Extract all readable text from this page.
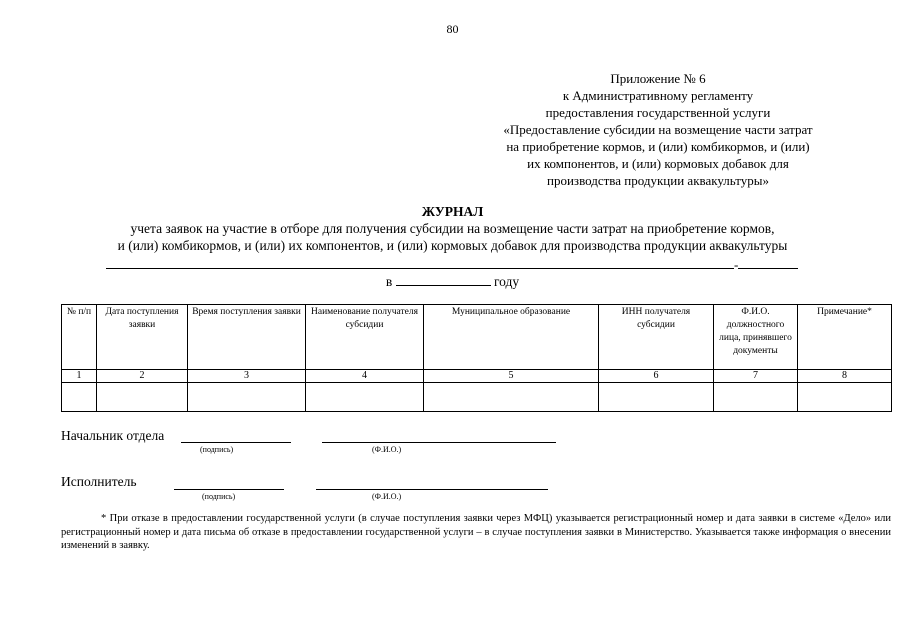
80
Приложение № 6
к Административному регламенту
предоставления государственной услуги
«Предоставление субсидии на возмещение части затрат
на приобретение кормов, и (или) комбикормов, и (или)
их компонентов, и (или) кормовых добавок для
производства продукции аквакультуры»
ЖУРНАЛ
учета заявок на участие в отборе для получения субсидии на возмещение части затрат на приобретение кормов,
и (или) комбикормов, и (или) их компонентов, и (или) кормовых добавок для производства продукции аквакультуры
-
в	году
№ п/п	Дата поступления заявки	Время поступления заявки	Наименование получателя субсидии	Муниципальное образование	ИНН получателя субсидии	Ф.И.О. должностного лица, принявшего документы	Примечание*
1	2	3	4	5	6	7	8

Начальник отдела
(подпись)	(Ф.И.О.)
Исполнитель
(подпись)	(Ф.И.О.)
* При отказе в предоставлении государственной услуги (в случае поступления заявки через МФЦ) указывается регистрационный номер и дата заявки в системе «Дело» или регистрационный номер и дата письма об отказе в предоставлении государственной услуги – в случае поступления заявки в Министерство. Указывается также информация о внесении изменений в заявку.
